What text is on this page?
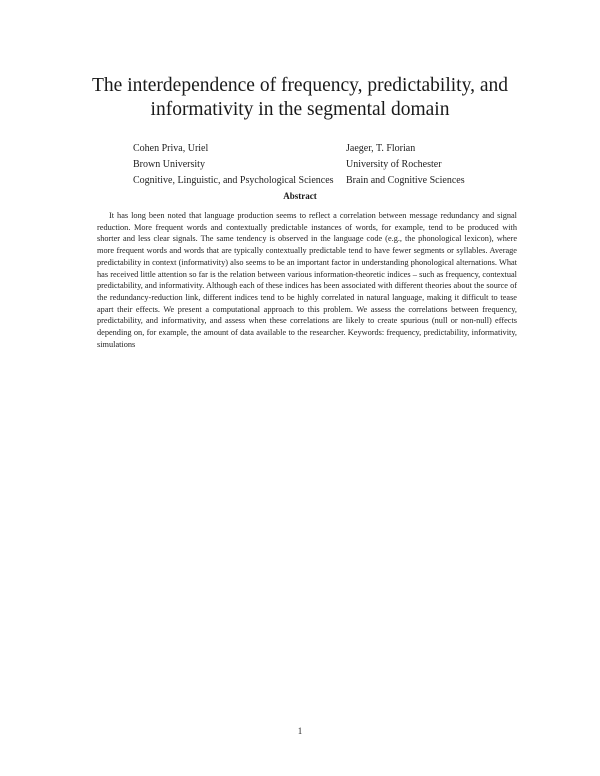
The interdependence of frequency, predictability, and informativity in the segmental domain
Cohen Priva, Uriel
Brown University
Cognitive, Linguistic, and Psychological Sciences
Jaeger, T. Florian
University of Rochester
Brain and Cognitive Sciences
Abstract

It has long been noted that language production seems to reflect a correlation between message redundancy and signal reduction. More frequent words and contextually predictable instances of words, for example, tend to be produced with shorter and less clear signals. The same tendency is observed in the language code (e.g., the phonological lexicon), where more frequent words and words that are typically contextually predictable tend to have fewer segments or syllables. Average predictability in context (informativity) also seems to be an important factor in understanding phonological alternations. What has received little attention so far is the relation between various information-theoretic indices – such as frequency, contextual predictability, and informativity. Although each of these indices has been associated with different theories about the source of the redundancy-reduction link, different indices tend to be highly correlated in natural language, making it difficult to tease apart their effects. We present a computational approach to this problem. We assess the correlations between frequency, predictability, and informativity, and assess when these correlations are likely to create spurious (null or non-null) effects depending on, for example, the amount of data available to the researcher. Keywords: frequency, predictability, informativity, simulations

1
